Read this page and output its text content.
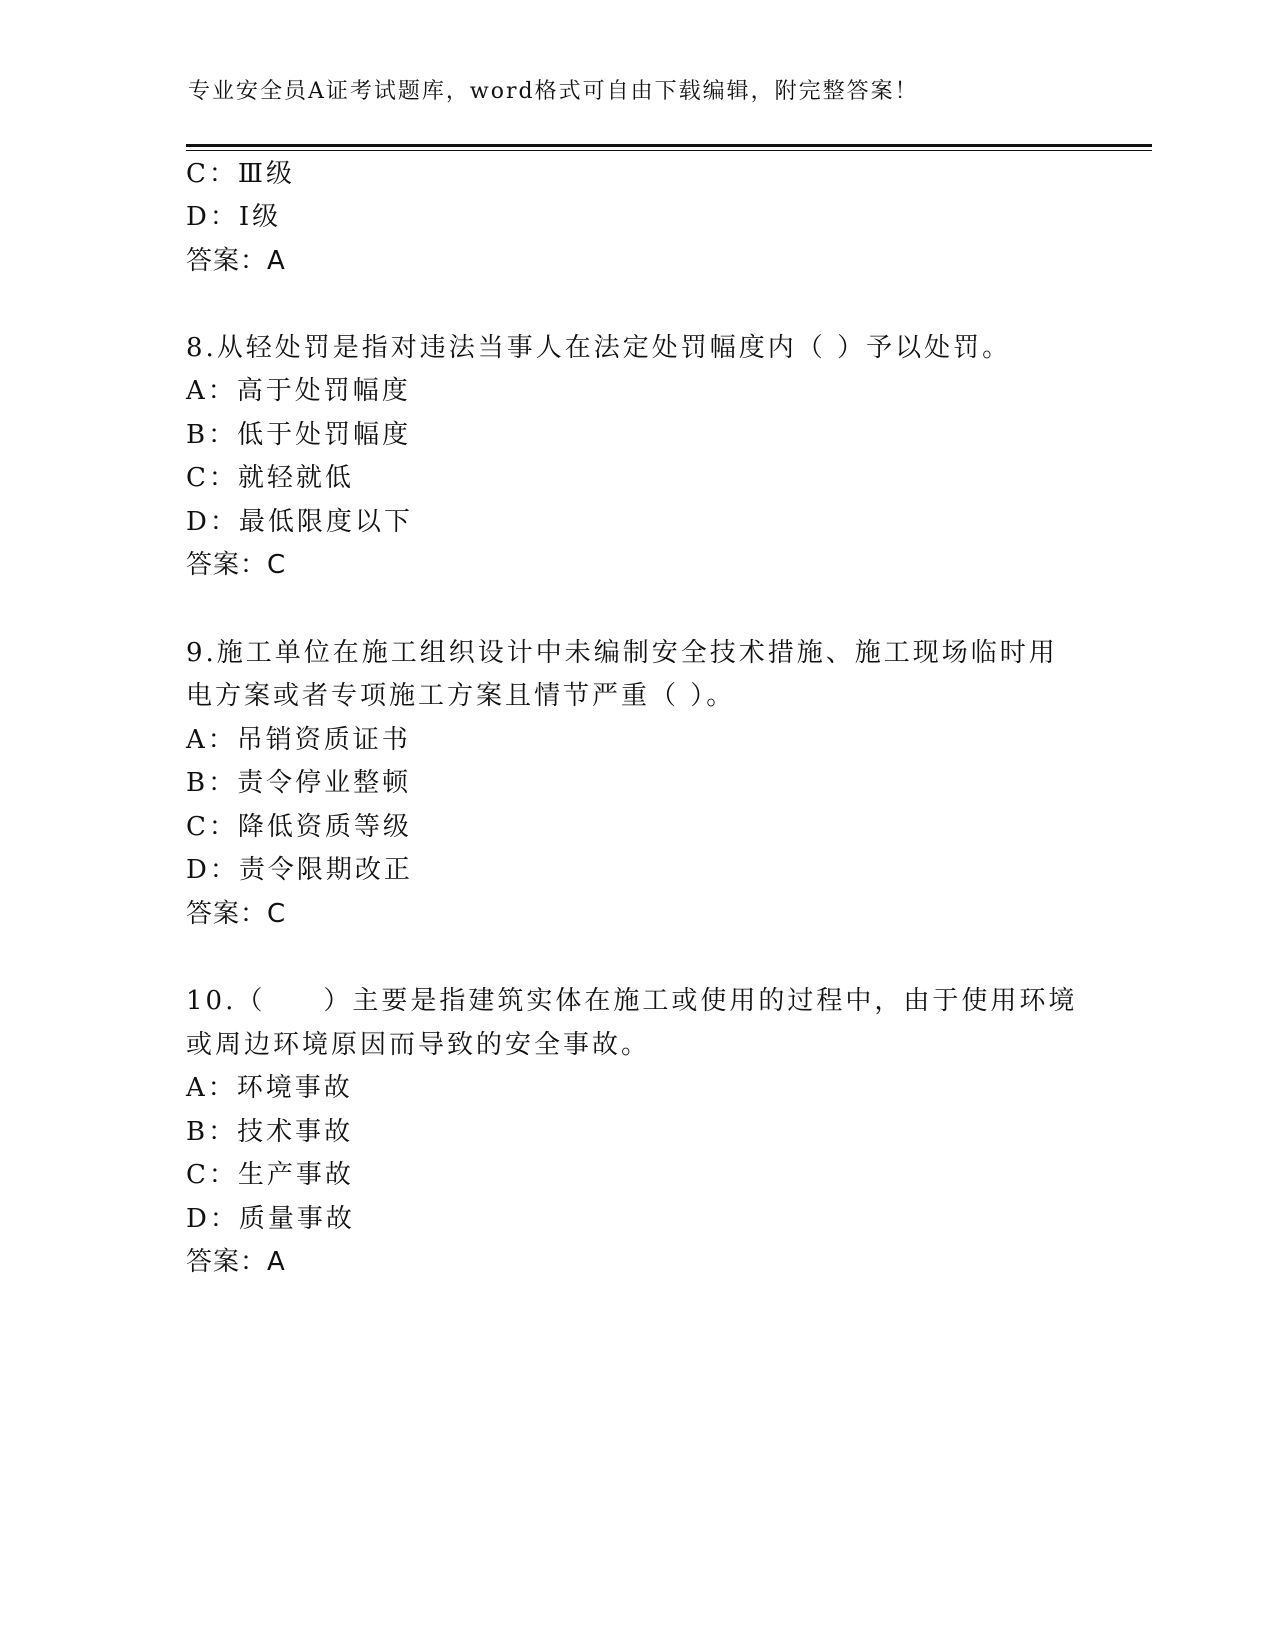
专业安全员A证考试题库，word格式可自由下载编辑，附完整答案！
C：Ⅲ级
D：Ⅰ级
答案：A
8.从轻处罚是指对违法当事人在法定处罚幅度内（ ）予以处罚。
A：高于处罚幅度
B：低于处罚幅度
C：就轻就低
D：最低限度以下
答案：C
9.施工单位在施工组织设计中未编制安全技术措施、施工现场临时用
电方案或者专项施工方案且情节严重（ ）。
A：吊销资质证书
B：责令停业整顿
C：降低资质等级
D：责令限期改正
答案：C
10.（　　）主要是指建筑实体在施工或使用的过程中，由于使用环境
或周边环境原因而导致的安全事故。
A：环境事故
B：技术事故
C：生产事故
D：质量事故
答案：A
